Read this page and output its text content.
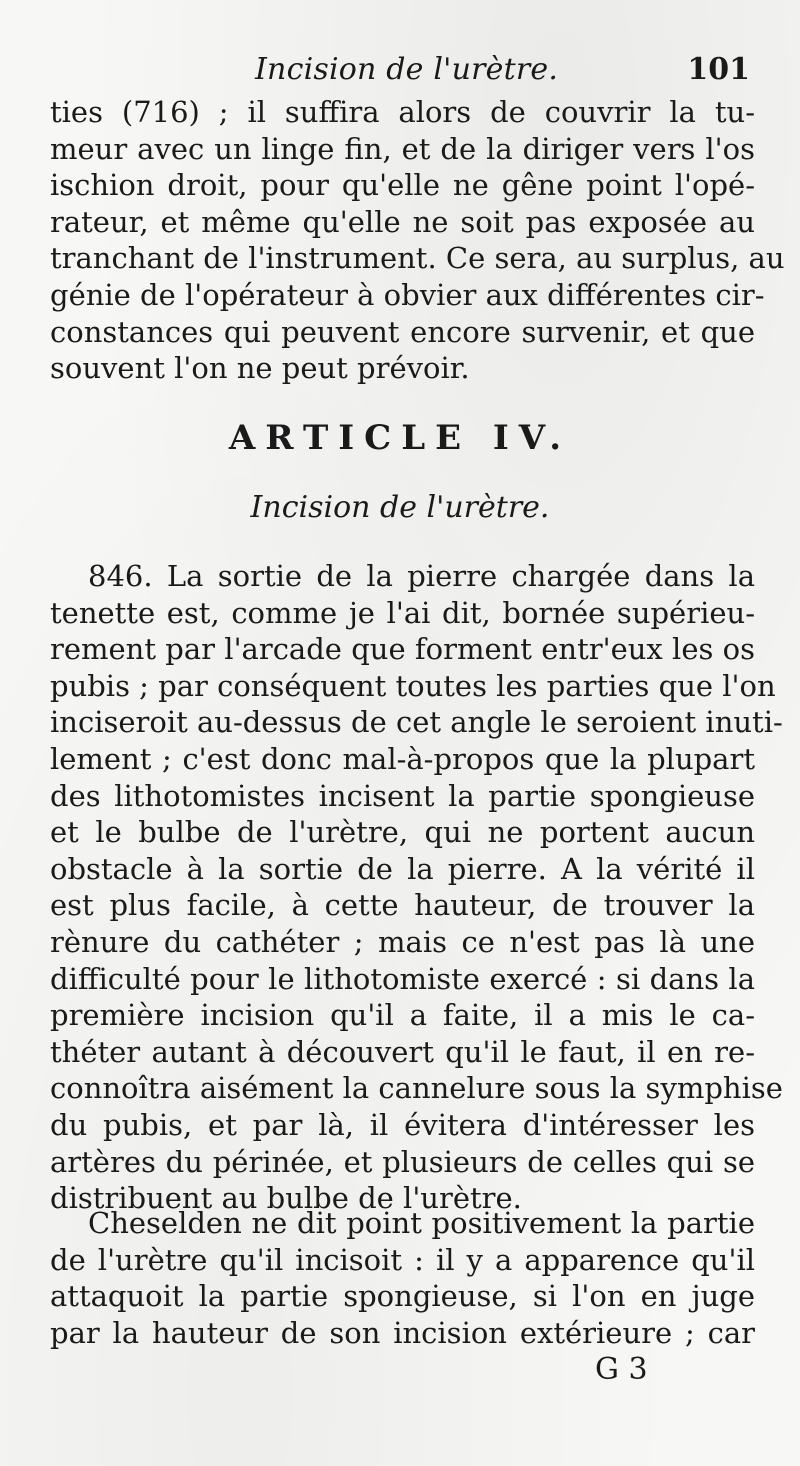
Incision de l'urètre.	101
ties (716) ; il suffira alors de couvrir la tu-
meur avec un linge fin, et de la diriger vers l'os
ischion droit, pour qu'elle ne gêne point l'opé-
rateur, et même qu'elle ne soit pas exposée au
tranchant de l'instrument. Ce sera, au surplus, au
génie de l'opérateur à obvier aux différentes cir-
constances qui peuvent encore survenir, et que
souvent l'on ne peut prévoir.
ARTICLE IV.
Incision de l'urètre.
846. La sortie de la pierre chargée dans la
tenette est, comme je l'ai dit, bornée supérieu-
rement par l'arcade que forment entr'eux les os
pubis ; par conséquent toutes les parties que l'on
inciseroit au-dessus de cet angle le seroient inuti-
lement ; c'est donc mal-à-propos que la plupart
des lithotomistes incisent la partie spongieuse
et le bulbe de l'urètre, qui ne portent aucun
obstacle à la sortie de la pierre. A la vérité il
est plus facile, à cette hauteur, de trouver la
rènure du cathéter ; mais ce n'est pas là une
difficulté pour le lithotomiste exercé : si dans la
première incision qu'il a faite, il a mis le ca-
théter autant à découvert qu'il le faut, il en re-
connoîtra aisément la cannelure sous la symphise
du pubis, et par là, il évitera d'intéresser les
artères du périnée, et plusieurs de celles qui se
distribuent au bulbe de l'urètre.
Cheselden ne dit point positivement la partie
de l'urètre qu'il incisoit : il y a apparence qu'il
attaquoit la partie spongieuse, si l'on en juge
par la hauteur de son incision extérieure ; car
G 3
